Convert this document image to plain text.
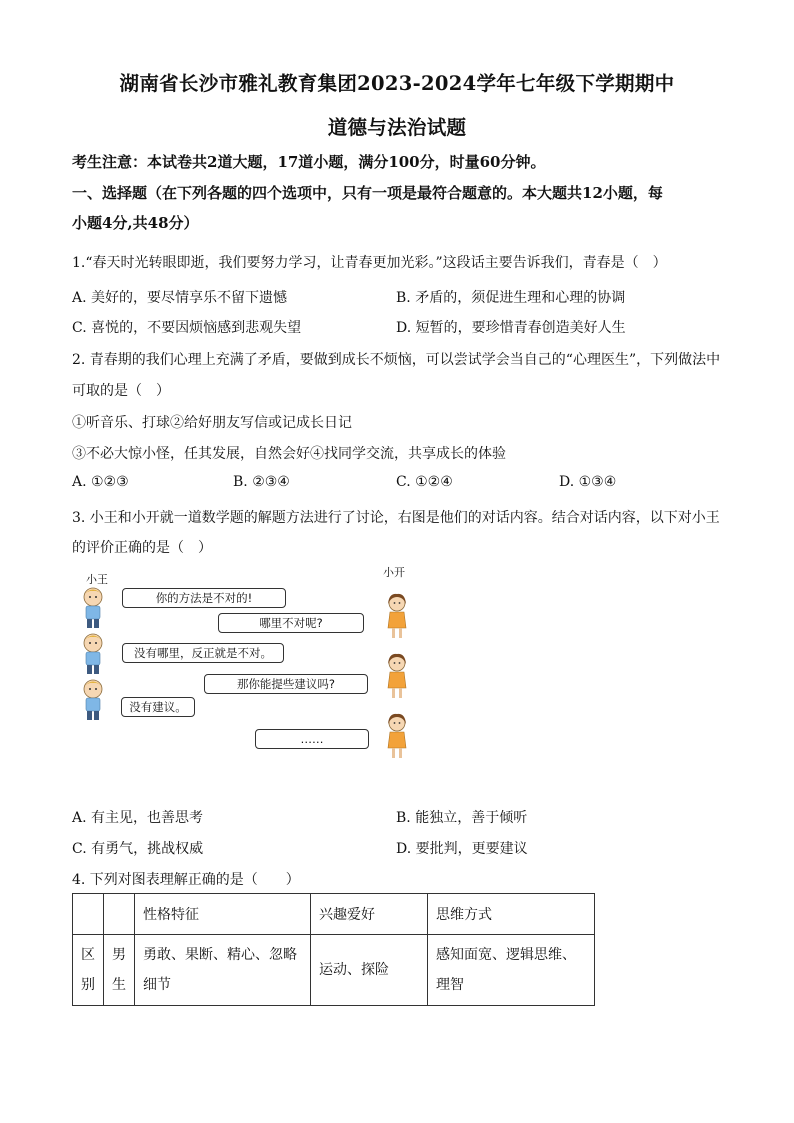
湖南省长沙市雅礼教育集团2023-2024学年七年级下学期期中
道德与法治试题
考生注意：本试卷共2道大题，17道小题，满分100分，时量60分钟。
一、选择题（在下列各题的四个选项中，只有一项是最符合题意的。本大题共12小题，每
小题4分,共48分）
1.“春天时光转眼即逝，我们要努力学习，让青春更加光彩。”这段话主要告诉我们，青春是（　）
A. 美好的，要尽情享乐不留下遗憾	B. 矛盾的，须促进生理和心理的协调
C. 喜悦的，不要因烦恼感到悲观失望	D. 短暂的，要珍惜青春创造美好人生
2. 青春期的我们心理上充满了矛盾，要做到成长不烦恼，可以尝试学会当自己的“心理医生”，下列做法中
可取的是（　）
①听音乐、打球②给好朋友写信或记成长日记
③不必大惊小怪，任其发展，自然会好④找同学交流，共享成长的体验
A. ①②③	B. ②③④	C. ①②④	D. ①③④
3. 小王和小开就一道数学题的解题方法进行了讨论，右图是他们的对话内容。结合对话内容，以下对小王
的评价正确的是（　）
小王
小开
你的方法是不对的!
哪里不对呢?
没有哪里，反正就是不对。
那你能提些建议吗?
没有建议。
……
A. 有主见，也善思考	B. 能独立，善于倾听
C. 有勇气，挑战权威	D. 要批判，更要建议
4. 下列对图表理解正确的是（　　）
		性格特征	兴趣爱好	思维方式
区别	男生	勇敢、果断、精心、忽略细节	运动、探险	感知面宽、逻辑思维、理智
